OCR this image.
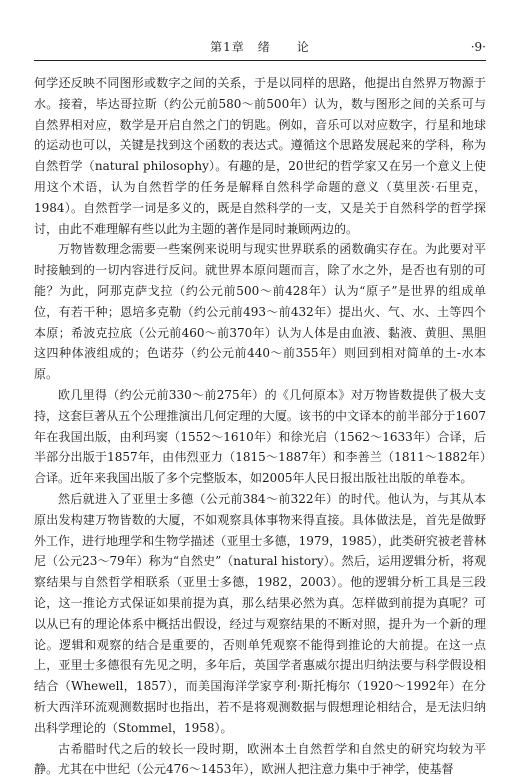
第1章　绪　　论	·9·

何学还反映不同图形或数字之间的关系，于是以同样的思路，他提出自然界万物源于水。接着，毕达哥拉斯（约公元前580～前500年）认为，数与图形之间的关系可与自然界相对应，数学是开启自然之门的钥匙。例如，音乐可以对应数字，行星和地球的运动也可以，关键是找到这个函数的表达式。遵循这个思路发展起来的学科，称为自然哲学（natural philosophy）。有趣的是，20世纪的哲学家又在另一个意义上使用这个术语，认为自然哲学的任务是解释自然科学命题的意义（莫里茨·石里克，1984）。自然哲学一词是多义的，既是自然科学的一支，又是关于自然科学的哲学探讨，由此不难理解有些以此为主题的著作是同时兼顾两边的。

万物皆数理念需要一些案例来说明与现实世界联系的函数确实存在。为此要对平时接触到的一切内容进行反问。就世界本原问题而言，除了水之外，是否也有别的可能？为此，阿那克萨戈拉（约公元前500～前428年）认为“原子”是世界的组成单位，有若干种；恩培多克勒（约公元前493～前432年）提出火、气、水、土等四个本原；希波克拉底（公元前460～前370年）认为人体是由血液、黏液、黄胆、黑胆这四种体液组成的；色诺芬（约公元前440～前355年）则回到相对简单的土-水本原。

欧几里得（约公元前330～前275年）的《几何原本》对万物皆数提供了极大支持，这套巨著从五个公理推演出几何定理的大厦。该书的中文译本的前半部分于1607年在我国出版，由利玛窦（1552～1610年）和徐光启（1562～1633年）合译，后半部分出版于1857年，由伟烈亚力（1815～1887年）和李善兰（1811～1882年）合译。近年来我国出版了多个完整版本，如2005年人民日报出版社出版的单卷本。

然后就进入了亚里士多德（公元前384～前322年）的时代。他认为，与其从本原出发构建万物皆数的大厦，不如观察具体事物来得直接。具体做法是，首先是做野外工作，进行地理学和生物学描述（亚里士多德，1979，1985），此类研究被老普林尼（公元23～79年）称为“自然史”（natural history）。然后，运用逻辑分析，将观察结果与自然哲学相联系（亚里士多德，1982，2003）。他的逻辑分析工具是三段论，这一推论方式保证如果前提为真，那么结果必然为真。怎样做到前提为真呢？可以从已有的理论体系中概括出假设，经过与观察结果的不断对照，提升为一个新的理论。逻辑和观察的结合是重要的，否则单凭观察不能得到推论的大前提。在这一点上，亚里士多德很有先见之明，多年后，英国学者惠威尔提出归纳法要与科学假设相结合（Whewell，1857），而美国海洋学家亨利·斯托梅尔（1920～1992年）在分析大西洋环流观测数据时也指出，若不是将观测数据与假想理论相结合，是无法归纳出科学理论的（Stommel，1958）。

古希腊时代之后的较长一段时期，欧洲本土自然哲学和自然史的研究均较为平静。尤其在中世纪（公元476～1453年），欧洲人把注意力集中于神学，使基督
